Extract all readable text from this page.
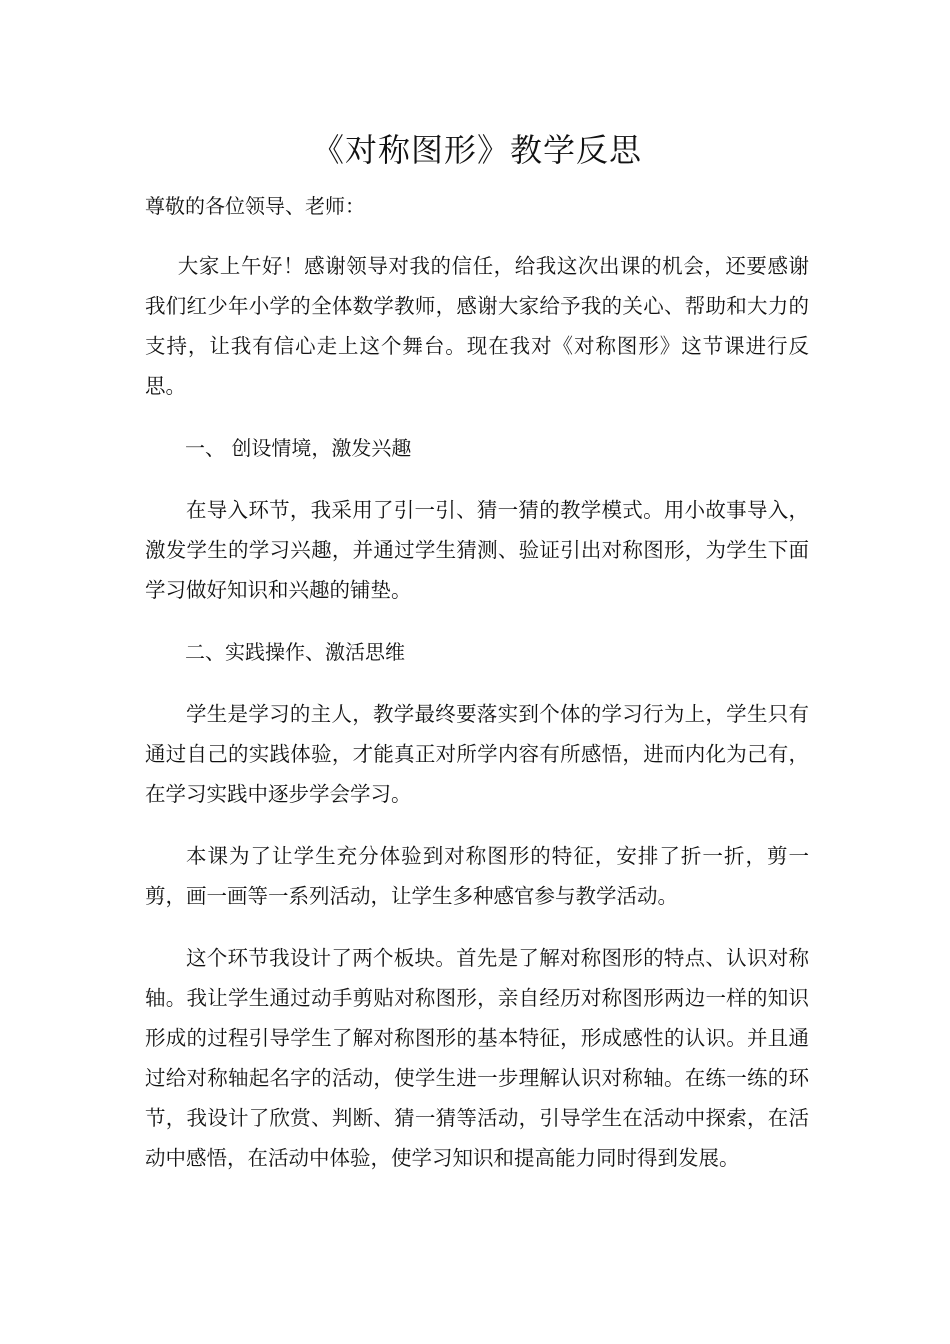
《对称图形》教学反思

尊敬的各位领导、老师：

大家上午好！感谢领导对我的信任，给我这次出课的机会，还要感谢我们红少年小学的全体数学教师，感谢大家给予我的关心、帮助和大力的支持，让我有信心走上这个舞台。现在我对《对称图形》这节课进行反思。

一、 创设情境，激发兴趣

在导入环节，我采用了引一引、猜一猜的教学模式。用小故事导入，激发学生的学习兴趣，并通过学生猜测、验证引出对称图形，为学生下面学习做好知识和兴趣的铺垫。

二、实践操作、激活思维

学生是学习的主人，教学最终要落实到个体的学习行为上，学生只有通过自己的实践体验，才能真正对所学内容有所感悟，进而内化为己有，在学习实践中逐步学会学习。

本课为了让学生充分体验到对称图形的特征，安排了折一折，剪一剪，画一画等一系列活动，让学生多种感官参与教学活动。

这个环节我设计了两个板块。首先是了解对称图形的特点、认识对称轴。我让学生通过动手剪贴对称图形，亲自经历对称图形两边一样的知识形成的过程引导学生了解对称图形的基本特征，形成感性的认识。并且通过给对称轴起名字的活动，使学生进一步理解认识对称轴。在练一练的环节，我设计了欣赏、判断、猜一猜等活动，引导学生在活动中探索，在活动中感悟，在活动中体验，使学习知识和提高能力同时得到发展。
